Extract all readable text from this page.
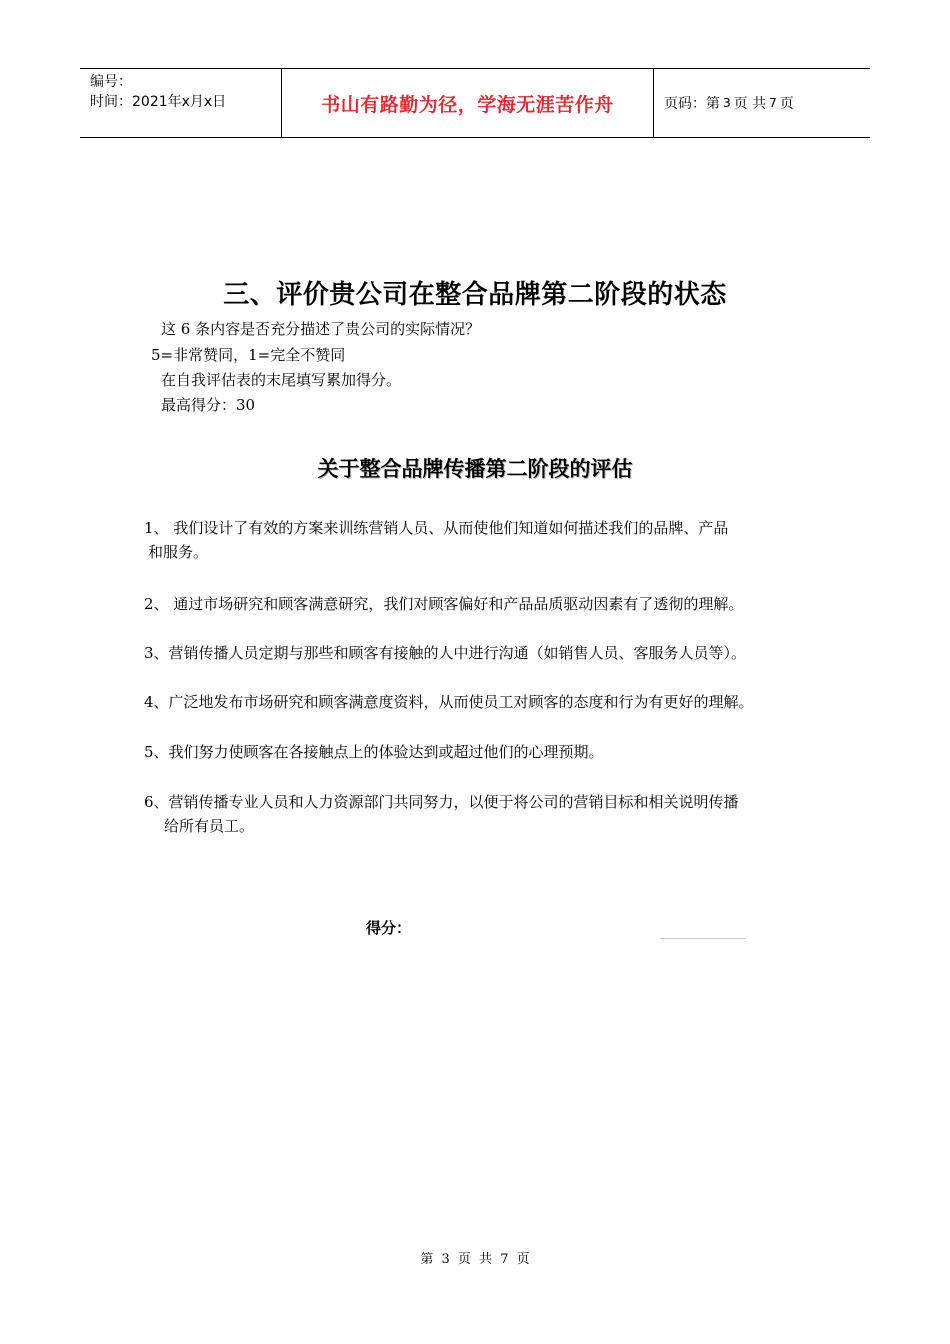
编号：
时间：2021年x月x日	书山有路勤为径，学海无涯苦作舟	页码：第 3 页 共 7 页
三、评价贵公司在整合品牌第二阶段的状态
这 6 条内容是否充分描述了贵公司的实际情况？
5=非常赞同，1=完全不赞同
在自我评估表的末尾填写累加得分。
最高得分：30
关于整合品牌传播第二阶段的评估
1、 我们设计了有效的方案来训练营销人员、从而使他们知道如何描述我们的品牌、产品
和服务。
2、 通过市场研究和顾客满意研究，我们对顾客偏好和产品品质驱动因素有了透彻的理解。
3、营销传播人员定期与那些和顾客有接触的人中进行沟通（如销售人员、客服务人员等）。
4、广泛地发布市场研究和顾客满意度资料，从而使员工对顾客的态度和行为有更好的理解。
5、我们努力使顾客在各接触点上的体验达到或超过他们的心理预期。
6、营销传播专业人员和人力资源部门共同努力，以便于将公司的营销目标和相关说明传播
给所有员工。
得分：
第 3 页 共 7 页
